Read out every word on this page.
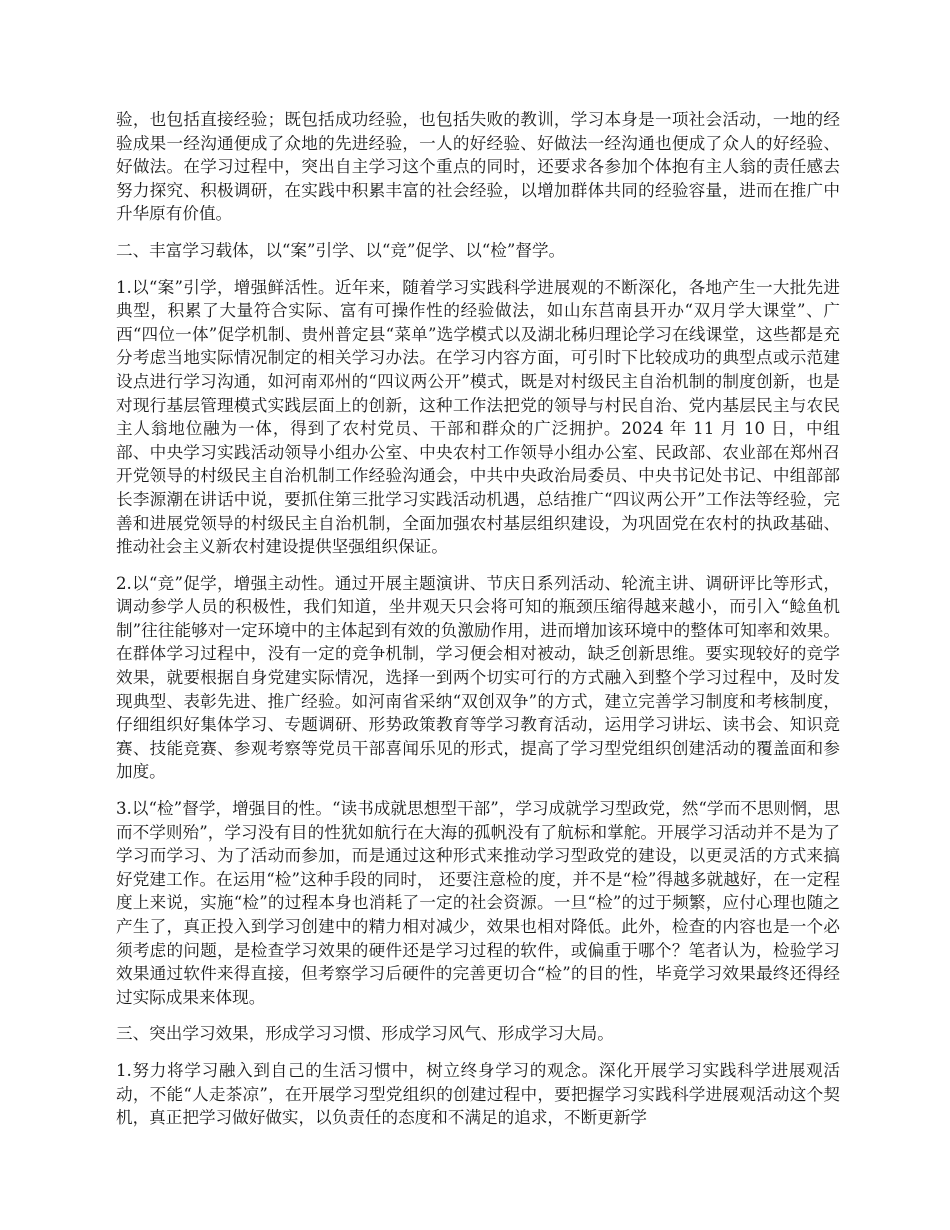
验，也包括直接经验；既包括成功经验，也包括失败的教训，学习本身是一项社会活动，一地的经验成果一经沟通便成了众地的先进经验，一人的好经验、好做法一经沟通也便成了众人的好经验、好做法。在学习过程中，突出自主学习这个重点的同时，还要求各参加个体抱有主人翁的责任感去努力探究、积极调研，在实践中积累丰富的社会经验，以增加群体共同的经验容量，进而在推广中升华原有价值。

二、丰富学习载体，以“案”引学、以“竞”促学、以“检”督学。

1.以“案”引学，增强鲜活性。近年来，随着学习实践科学进展观的不断深化，各地产生一大批先进典型，积累了大量符合实际、富有可操作性的经验做法，如山东莒南县开办“双月学大课堂”、广西“四位一体”促学机制、贵州普定县“菜单”选学模式以及湖北秭归理论学习在线课堂，这些都是充分考虑当地实际情况制定的相关学习办法。在学习内容方面，可引时下比较成功的典型点或示范建设点进行学习沟通，如河南邓州的“四议两公开”模式，既是对村级民主自治机制的制度创新，也是对现行基层管理模式实践层面上的创新，这种工作法把党的领导与村民自治、党内基层民主与农民主人翁地位融为一体，得到了农村党员、干部和群众的广泛拥护。2024 年 11 月 10 日，中组部、中央学习实践活动领导小组办公室、中央农村工作领导小组办公室、民政部、农业部在郑州召开党领导的村级民主自治机制工作经验沟通会，中共中央政治局委员、中央书记处书记、中组部部长李源潮在讲话中说，要抓住第三批学习实践活动机遇，总结推广“四议两公开”工作法等经验，完善和进展党领导的村级民主自治机制，全面加强农村基层组织建设，为巩固党在农村的执政基础、推动社会主义新农村建设提供坚强组织保证。

2.以“竞”促学，增强主动性。通过开展主题演讲、节庆日系列活动、轮流主讲、调研评比等形式，调动参学人员的积极性，我们知道，坐井观天只会将可知的瓶颈压缩得越来越小，而引入“鲶鱼机制”往往能够对一定环境中的主体起到有效的负激励作用，进而增加该环境中的整体可知率和效果。在群体学习过程中，没有一定的竞争机制，学习便会相对被动，缺乏创新思维。要实现较好的竞学效果，就要根据自身党建实际情况，选择一到两个切实可行的方式融入到整个学习过程中，及时发现典型、表彰先进、推广经验。如河南省采纳“双创双争”的方式，建立完善学习制度和考核制度，仔细组织好集体学习、专题调研、形势政策教育等学习教育活动，运用学习讲坛、读书会、知识竞赛、技能竞赛、参观考察等党员干部喜闻乐见的形式，提高了学习型党组织创建活动的覆盖面和参加度。

3.以“检”督学，增强目的性。“读书成就思想型干部”，学习成就学习型政党，然“学而不思则惘，思而不学则殆”，学习没有目的性犹如航行在大海的孤帆没有了航标和掌舵。开展学习活动并不是为了学习而学习、为了活动而参加，而是通过这种形式来推动学习型政党的建设，以更灵活的方式来搞好党建工作。在运用“检”这种手段的同时， 还要注意检的度，并不是“检”得越多就越好，在一定程度上来说，实施“检”的过程本身也消耗了一定的社会资源。一旦“检”的过于频繁，应付心理也随之产生了，真正投入到学习创建中的精力相对减少，效果也相对降低。此外，检查的内容也是一个必须考虑的问题，是检查学习效果的硬件还是学习过程的软件，或偏重于哪个？笔者认为，检验学习效果通过软件来得直接，但考察学习后硬件的完善更切合“检”的目的性，毕竟学习效果最终还得经过实际成果来体现。

三、突出学习效果，形成学习习惯、形成学习风气、形成学习大局。

1.努力将学习融入到自己的生活习惯中，树立终身学习的观念。深化开展学习实践科学进展观活动，不能“人走茶凉”，在开展学习型党组织的创建过程中，要把握学习实践科学进展观活动这个契机，真正把学习做好做实，以负责任的态度和不满足的追求，不断更新学
